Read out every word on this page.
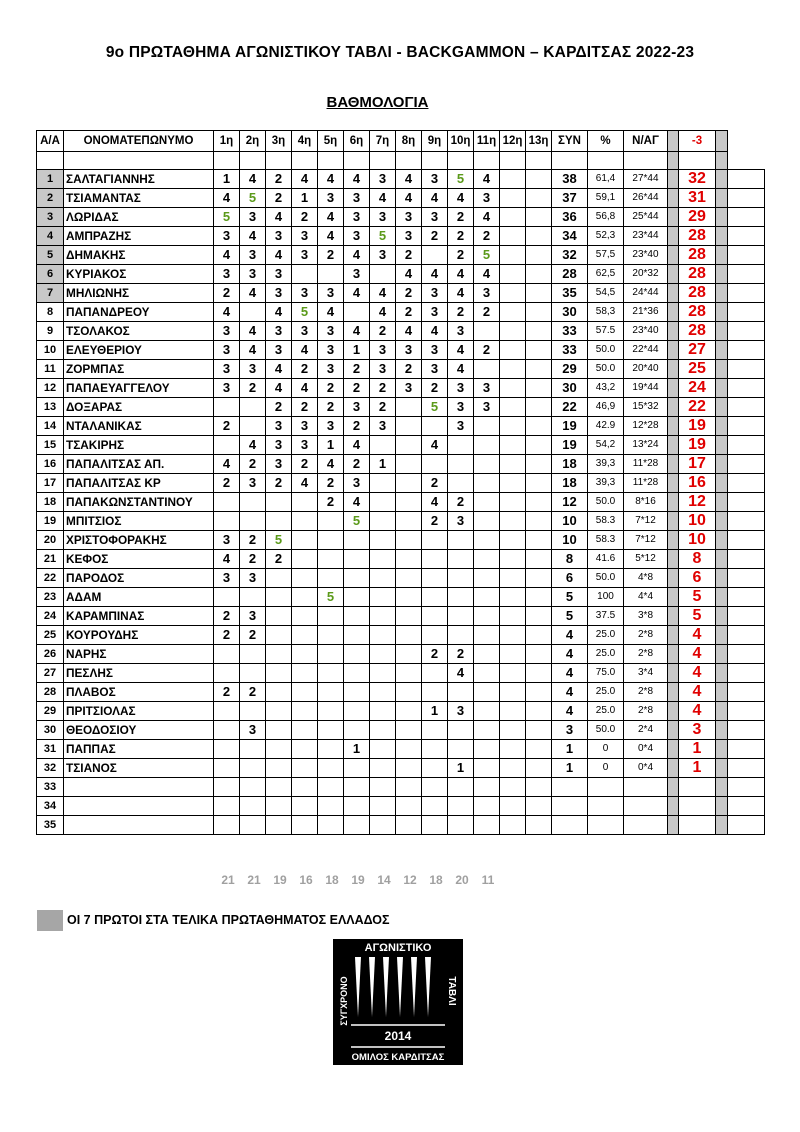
9ο ΠΡΩΤΑΘΗΜΑ ΑΓΩΝΙΣΤΙΚΟΥ ΤΑΒΛΙ - BACKGAMMON – ΚΑΡΔΙΤΣΑΣ 2022-23
ΒΑΘΜΟΛΟΓΙΑ
Α/Α	ΟΝΟΜΑΤΕΠΩΝΥΜΟ	1η	2η	3η	4η	5η	6η	7η	8η	9η	10η	11η	12η	13η	ΣΥΝ	%	Ν/ΑΓ		-3		

1	ΣΑΛΤΑΓΙΑΝΝΗΣ	1	4	2	4	4	4	3	4	3	5	4			38	61,4	27*44		32		
2	ΤΣΙΑΜΑΝΤΑΣ	4	5	2	1	3	3	4	4	4	4	3			37	59,1	26*44		31		
3	ΛΩΡΙΔΑΣ	5	3	4	2	4	3	3	3	3	2	4			36	56,8	25*44		29		
4	ΑΜΠΡΑΖΗΣ	3	4	3	3	4	3	5	3	2	2	2			34	52,3	23*44		28		
5	ΔΗΜΑΚΗΣ	4	3	4	3	2	4	3	2		2	5			32	57,5	23*40		28		
6	ΚΥΡΙΑΚΟΣ	3	3	3			3		4	4	4	4			28	62,5	20*32		28		
7	ΜΗΛΙΩΝΗΣ	2	4	3	3	3	4	4	2	3	4	3			35	54,5	24*44		28		
8	ΠΑΠΑΝΔΡΕΟΥ	4		4	5	4		4	2	3	2	2			30	58,3	21*36		28		
9	ΤΣΟΛΑΚΟΣ	3	4	3	3	3	4	2	4	4	3				33	57.5	23*40		28		
10	ΕΛΕΥΘΕΡΙΟΥ	3	4	3	4	3	1	3	3	3	4	2			33	50.0	22*44		27		
11	ΖΟΡΜΠΑΣ	3	3	4	2	3	2	3	2	3	4				29	50.0	20*40		25		
12	ΠΑΠΑΕΥΑΓΓΕΛΟΥ	3	2	4	4	2	2	2	3	2	3	3			30	43,2	19*44		24		
13	ΔΟΞΑΡΑΣ			2	2	2	3	2		5	3	3			22	46,9	15*32		22		
14	ΝΤΑΛΑΝΙΚΑΣ	2		3	3	3	2	3			3				19	42.9	12*28		19		
15	ΤΣΑΚΙΡΗΣ		4	3	3	1	4			4					19	54,2	13*24		19		
16	ΠΑΠΑΛΙΤΣΑΣ ΑΠ.	4	2	3	2	4	2	1							18	39,3	11*28		17		
17	ΠΑΠΑΛΙΤΣΑΣ ΚΡ	2	3	2	4	2	3			2					18	39,3	11*28		16		
18	ΠΑΠΑΚΩΝΣΤΑΝΤΙΝΟΥ					2	4			4	2				12	50.0	8*16		12		
19	ΜΠΙΤΣΙΟΣ						5			2	3				10	58.3	7*12		10		
20	ΧΡΙΣΤΟΦΟΡΑΚΗΣ	3	2	5											10	58.3	7*12		10		
21	ΚΕΦΟΣ	4	2	2											8	41.6	5*12		8		
22	ΠΑΡΟΔΟΣ	3	3												6	50.0	4*8		6		
23	ΑΔΑΜ					5									5	100	4*4		5		
24	ΚΑΡΑΜΠΙΝΑΣ	2	3												5	37.5	3*8		5		
25	ΚΟΥΡΟΥΔΗΣ	2	2												4	25.0	2*8		4		
26	ΝΑΡΗΣ									2	2				4	25.0	2*8		4		
27	ΠΕΣΛΗΣ										4				4	75.0	3*4		4		
28	ΠΛΑΒΟΣ	2	2												4	25.0	2*8		4		
29	ΠΡΙΤΣΙΟΛΑΣ									1	3				4	25.0	2*8		4		
30	ΘΕΟΔΟΣΙΟΥ		3												3	50.0	2*4		3		
31	ΠΑΠΠΑΣ						1								1	0	0*4		1		
32	ΤΣΙΑΝΟΣ										1				1	0	0*4		1		
33																					
34																					
35																					
21	21	19	16	18	19	14	12	18	20	11
ΟΙ 7 ΠΡΩΤΟΙ ΣΤΑ ΤΕΛΙΚΑ ΠΡΩΤΑΘΗΜΑΤΟΣ ΕΛΛΑΔΟΣ
ΑΓΩΝΙΣΤΙΚΟ
ΣΥΓΧΡΟΝΟ	ΤΑΒΛΙ
2014
ΟΜΙΛΟΣ ΚΑΡΔΙΤΣΑΣ
